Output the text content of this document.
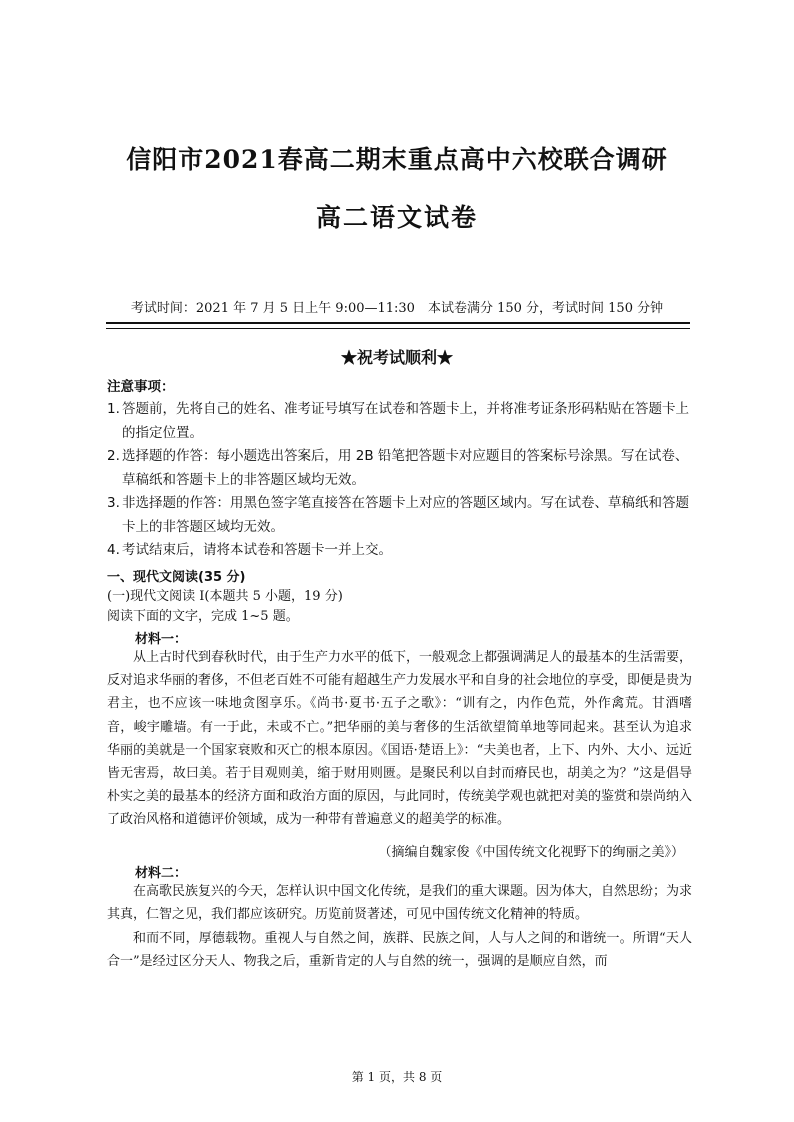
信阳市2021春高二期末重点高中六校联合调研
高二语文试卷
考试时间：2021 年 7 月 5 日上午 9:00—11:30　本试卷满分 150 分，考试时间 150 分钟
★祝考试顺利★
注意事项：
1. 答题前，先将自己的姓名、准考证号填写在试卷和答题卡上，并将准考证条形码粘贴在答题卡上的指定位置。
2. 选择题的作答：每小题选出答案后，用 2B 铅笔把答题卡对应题目的答案标号涂黑。写在试卷、草稿纸和答题卡上的非答题区域均无效。
3. 非选择题的作答：用黑色签字笔直接答在答题卡上对应的答题区域内。写在试卷、草稿纸和答题卡上的非答题区域均无效。
4. 考试结束后，请将本试卷和答题卡一并上交。
一、现代文阅读(35 分)
(一)现代文阅读 Ⅰ(本题共 5 小题，19 分)
阅读下面的文字，完成 1~5 题。
材料一：
从上古时代到春秋时代，由于生产力水平的低下，一般观念上都强调满足人的最基本的生活需要，反对追求华丽的奢侈，不但老百姓不可能有超越生产力发展水平和自身的社会地位的享受，即便是贵为君主，也不应该一味地贪图享乐。《尚书·夏书·五子之歌》：“训有之，内作色荒，外作禽荒。甘酒嗜音，峻宇雕墙。有一于此，未或不亡。”把华丽的美与奢侈的生活欲望简单地等同起来。甚至认为追求华丽的美就是一个国家衰败和灭亡的根本原因。《国语·楚语上》：“夫美也者，上下、内外、大小、远近皆无害焉，故曰美。若于目观则美，缩于财用则匮。是聚民利以自封而瘠民也，胡美之为？”这是倡导朴实之美的最基本的经济方面和政治方面的原因，与此同时，传统美学观也就把对美的鉴赏和崇尚纳入了政治风格和道德评价领域，成为一种带有普遍意义的超美学的标准。
（摘编自魏家俊《中国传统文化视野下的绚丽之美》）
材料二：
在高歌民族复兴的今天，怎样认识中国文化传统，是我们的重大课题。因为体大，自然思纷；为求其真，仁智之见，我们都应该研究。历览前贤著述，可见中国传统文化精神的特质。
和而不同，厚德载物。重视人与自然之间，族群、民族之间，人与人之间的和谐统一。所谓“天人合一”是经过区分天人、物我之后，重新肯定的人与自然的统一，强调的是顺应自然，而
第 1 页，共 8 页
